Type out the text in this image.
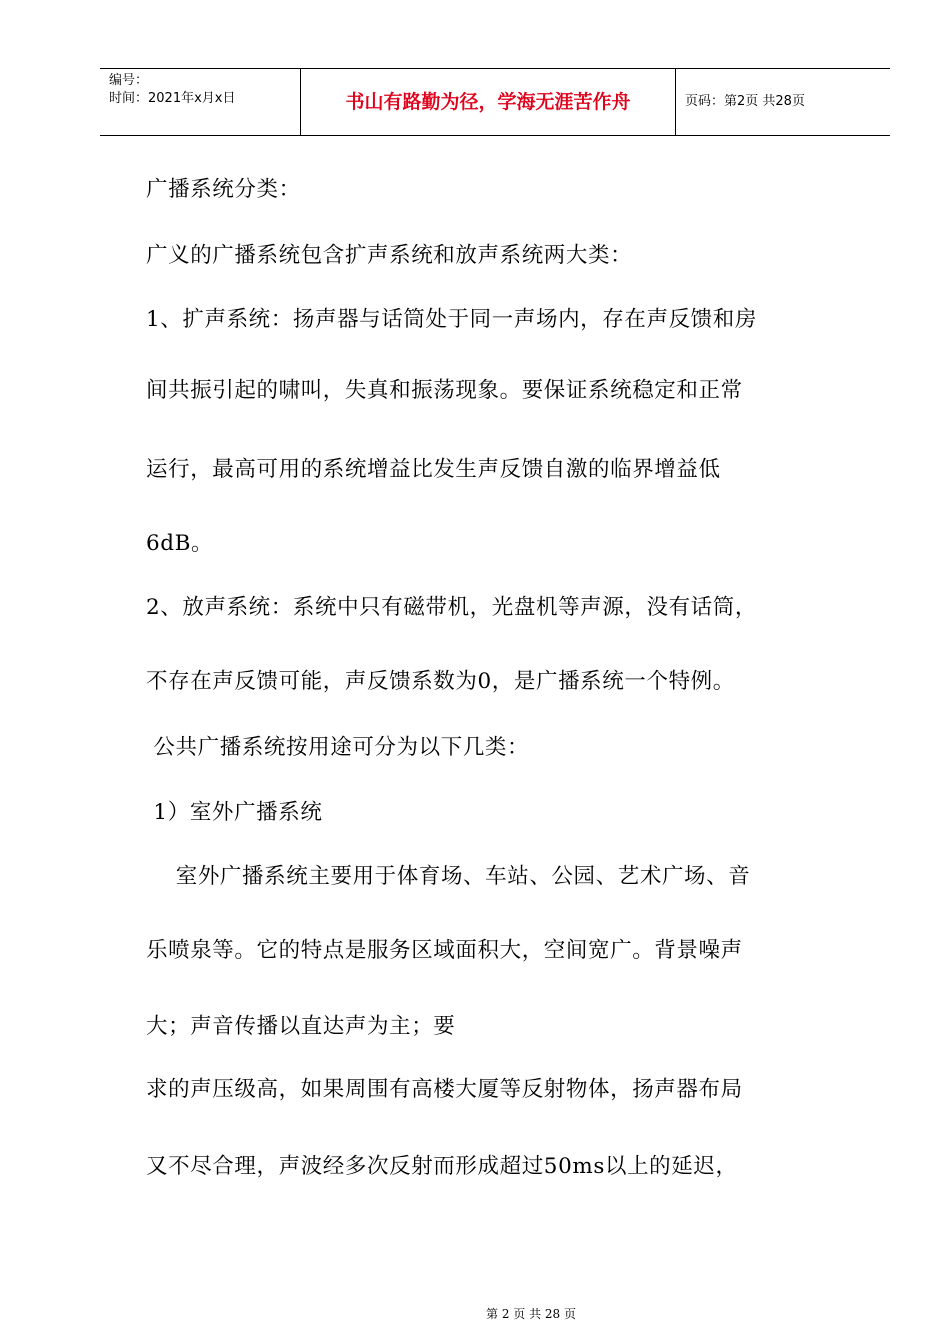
编号：
时间：2021年x月x日	书山有路勤为径，学海无涯苦作舟	页码：第2页 共28页
广播系统分类：
广义的广播系统包含扩声系统和放声系统两大类：
1、扩声系统：扬声器与话筒处于同一声场内，存在声反馈和房
间共振引起的啸叫，失真和振荡现象。要保证系统稳定和正常
运行，最高可用的系统增益比发生声反馈自激的临界增益低
6dB。
2、放声系统：系统中只有磁带机，光盘机等声源，没有话筒，
不存在声反馈可能，声反馈系数为0，是广播系统一个特例。
公共广播系统按用途可分为以下几类：
1）室外广播系统
室外广播系统主要用于体育场、车站、公园、艺术广场、音
乐喷泉等。它的特点是服务区域面积大，空间宽广。背景噪声
大；声音传播以直达声为主；要
求的声压级高，如果周围有高楼大厦等反射物体，扬声器布局
又不尽合理，声波经多次反射而形成超过50ms以上的延迟，
第 2 页 共 28 页
